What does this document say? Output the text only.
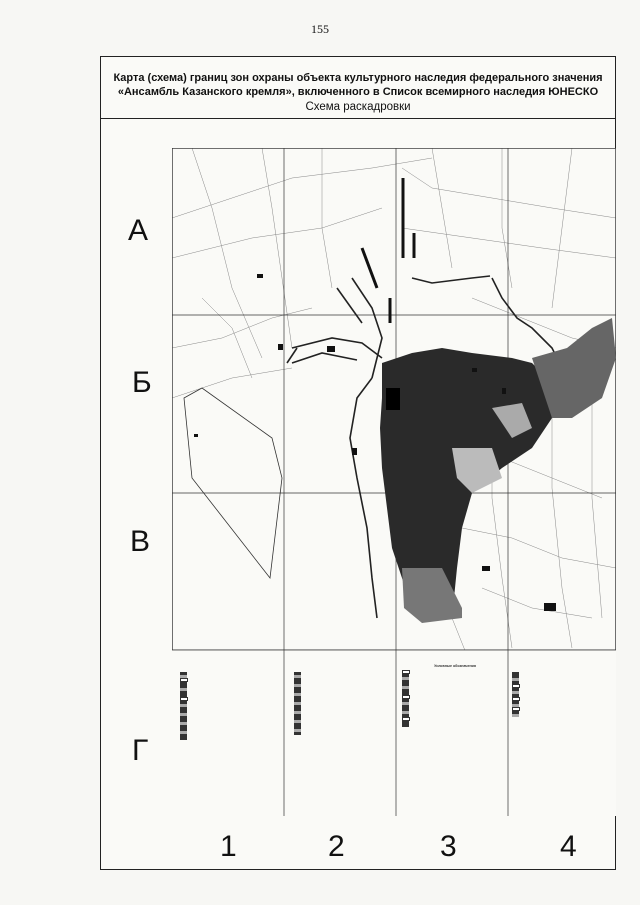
155
Карта (схема) границ зон охраны объекта культурного наследия федерального значения
«Ансамбль Казанского кремля», включенного в Список всемирного наследия ЮНЕСКО
Схема раскадровки
А
Б
В
Г
1	2	3	4
Условные обозначения
